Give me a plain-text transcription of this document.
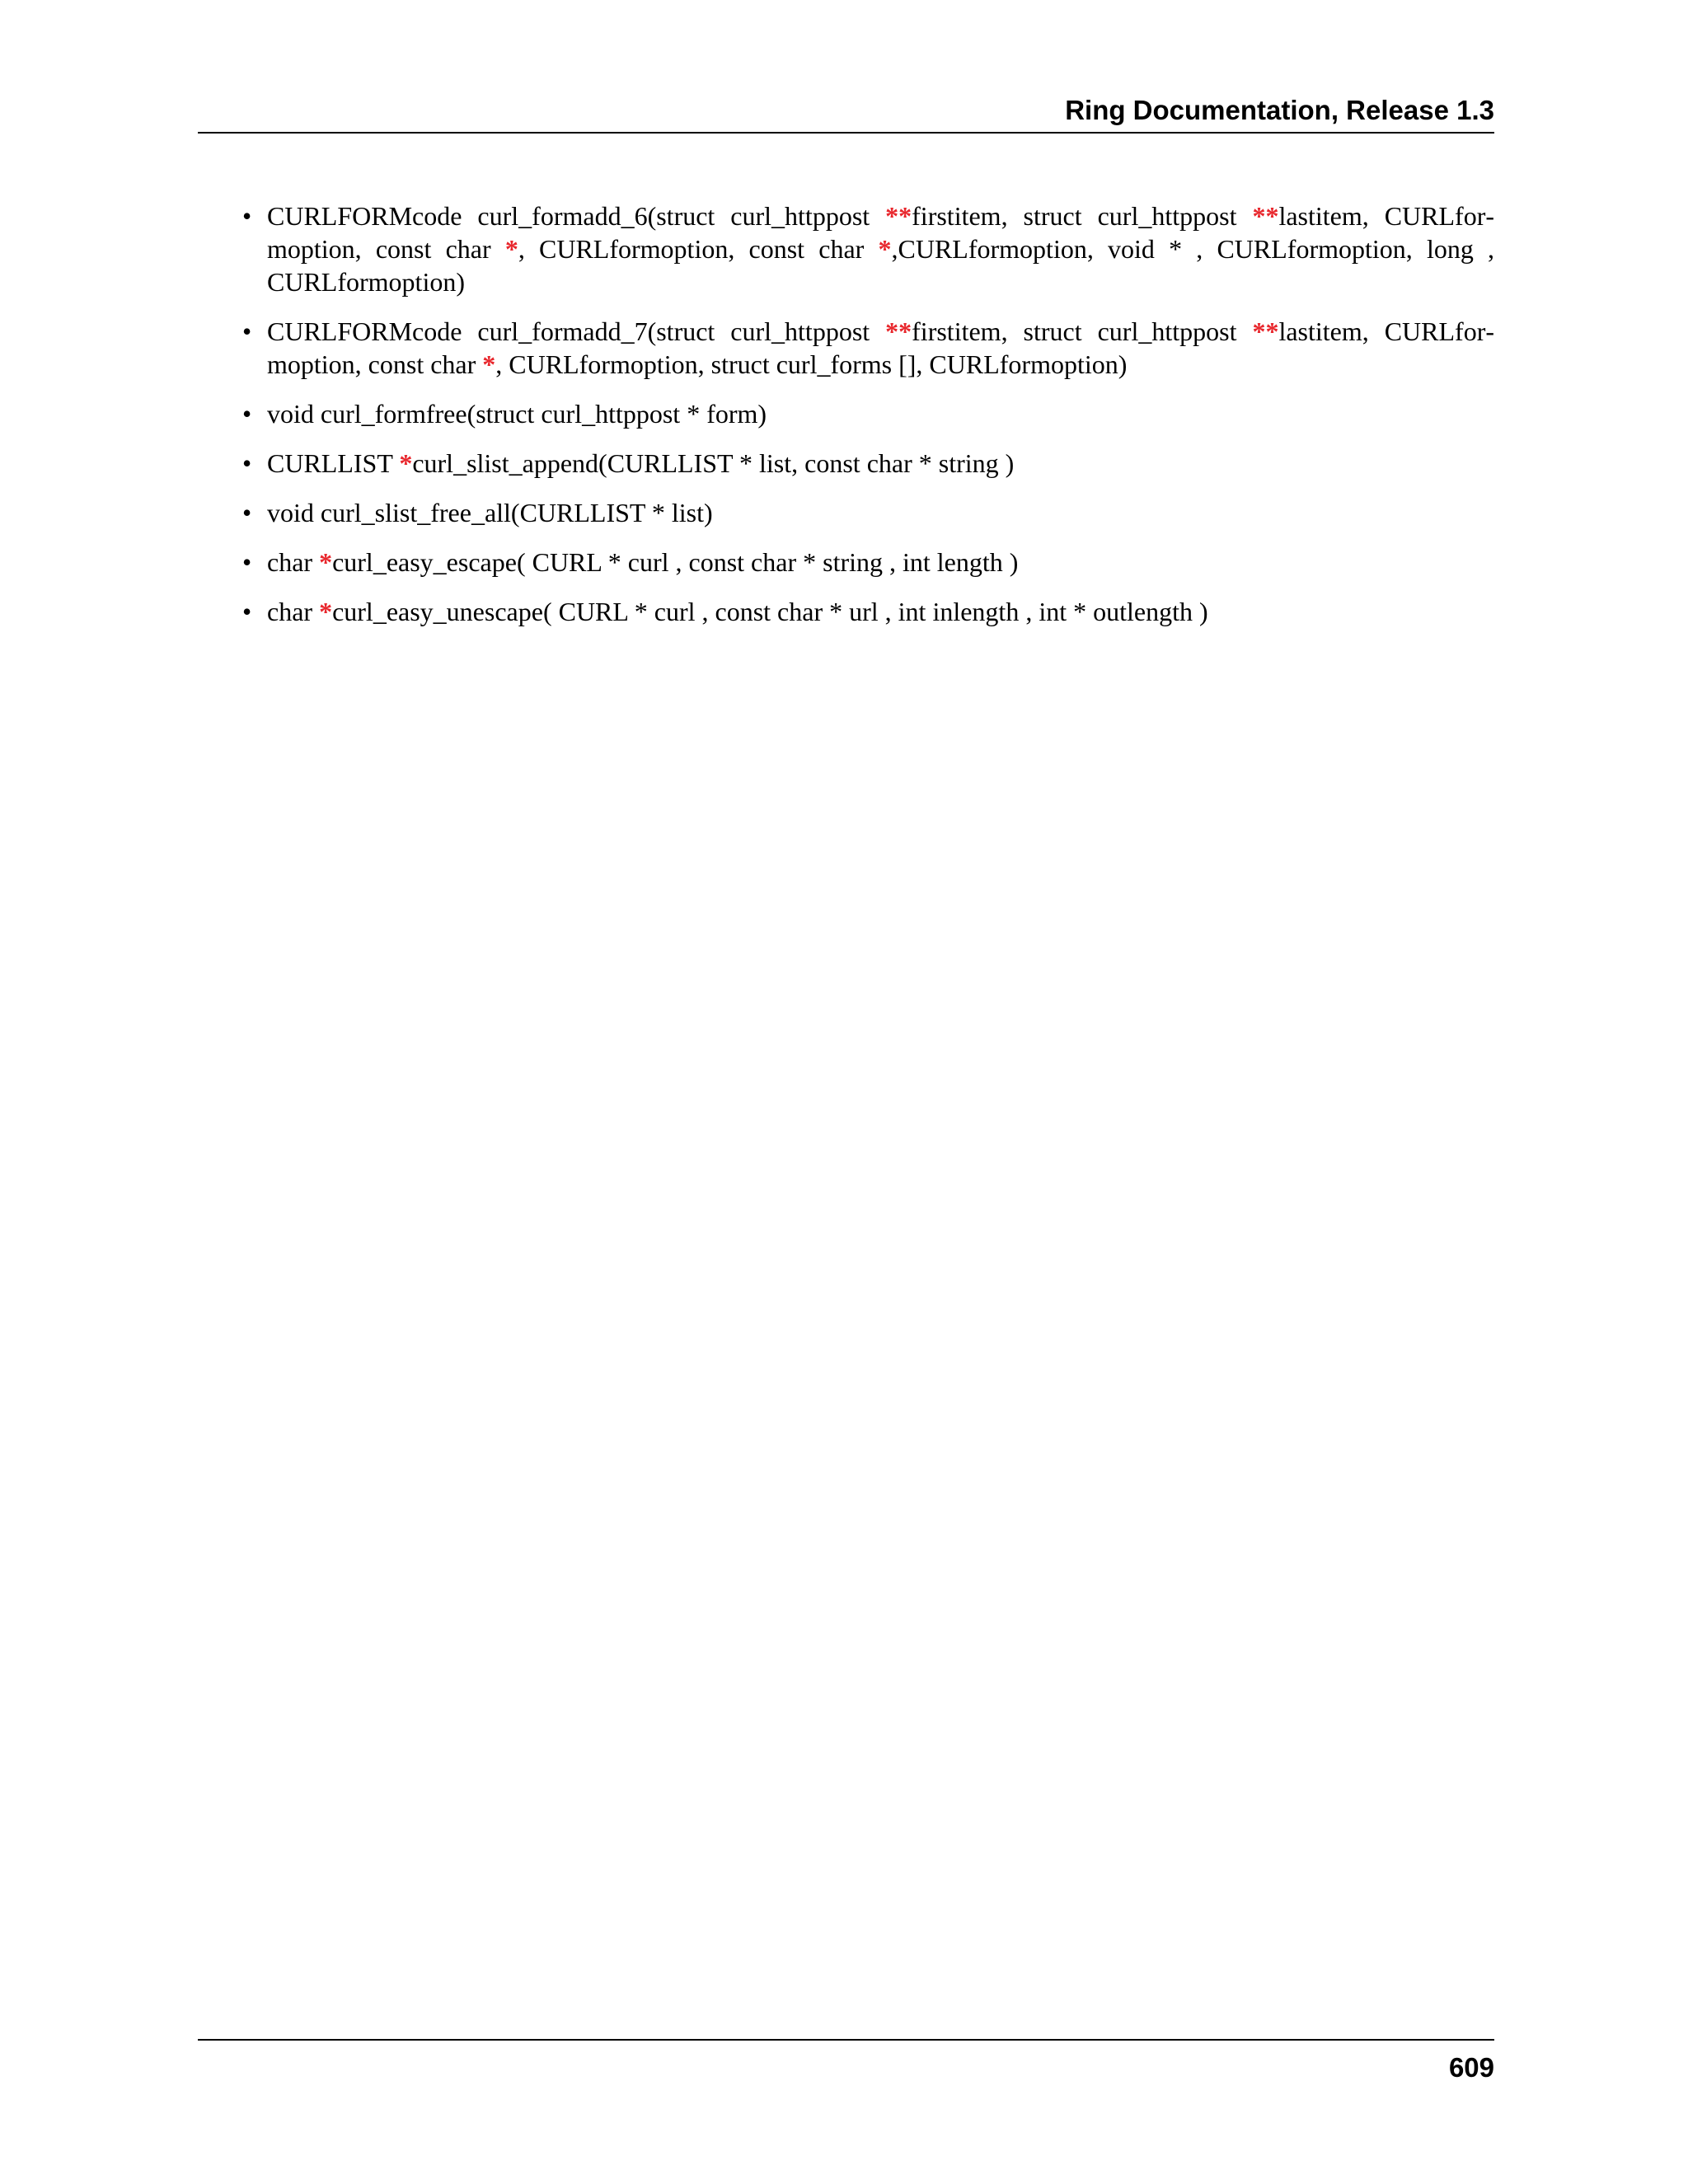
Ring Documentation, Release 1.3
• CURLFORMcode curl_formadd_6(struct curl_httppost **firstitem, struct curl_httppost **lastitem, CURLformoption, const char *, CURLformoption, const char *,CURLformoption, void * , CURLformoption, long , CURLformoption)
• CURLFORMcode curl_formadd_7(struct curl_httppost **firstitem, struct curl_httppost **lastitem, CURLformoption, const char *, CURLformoption, struct curl_forms [], CURLformoption)
• void curl_formfree(struct curl_httppost * form)
• CURLLIST *curl_slist_append(CURLLIST * list, const char * string )
• void curl_slist_free_all(CURLLIST * list)
• char *curl_easy_escape( CURL * curl , const char * string , int length )
• char *curl_easy_unescape( CURL * curl , const char * url , int inlength , int * outlength )
609
